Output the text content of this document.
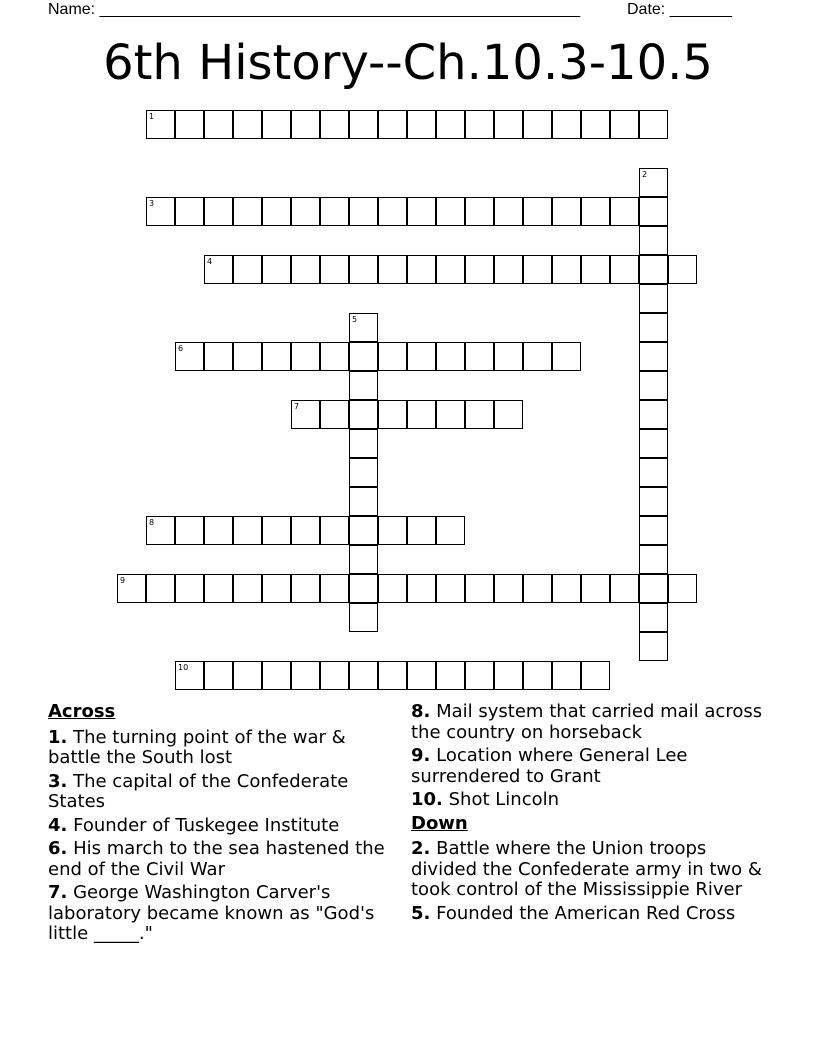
Name: ______________________________________________________	Date: _______
6th History--Ch.10.3-10.5
1
2
3
4
5
6
7
8
9
10
Across
1. The turning point of the war & battle the South lost
3. The capital of the Confederate States
4. Founder of Tuskegee Institute
6. His march to the sea hastened the end of the Civil War
7. George Washington Carver's laboratory became known as "God's little _____."
8. Mail system that carried mail across the country on horseback
9. Location where General Lee surrendered to Grant
10. Shot Lincoln
Down
2. Battle where the Union troops divided the Confederate army in two & took control of the Mississippie River
5. Founded the American Red Cross
